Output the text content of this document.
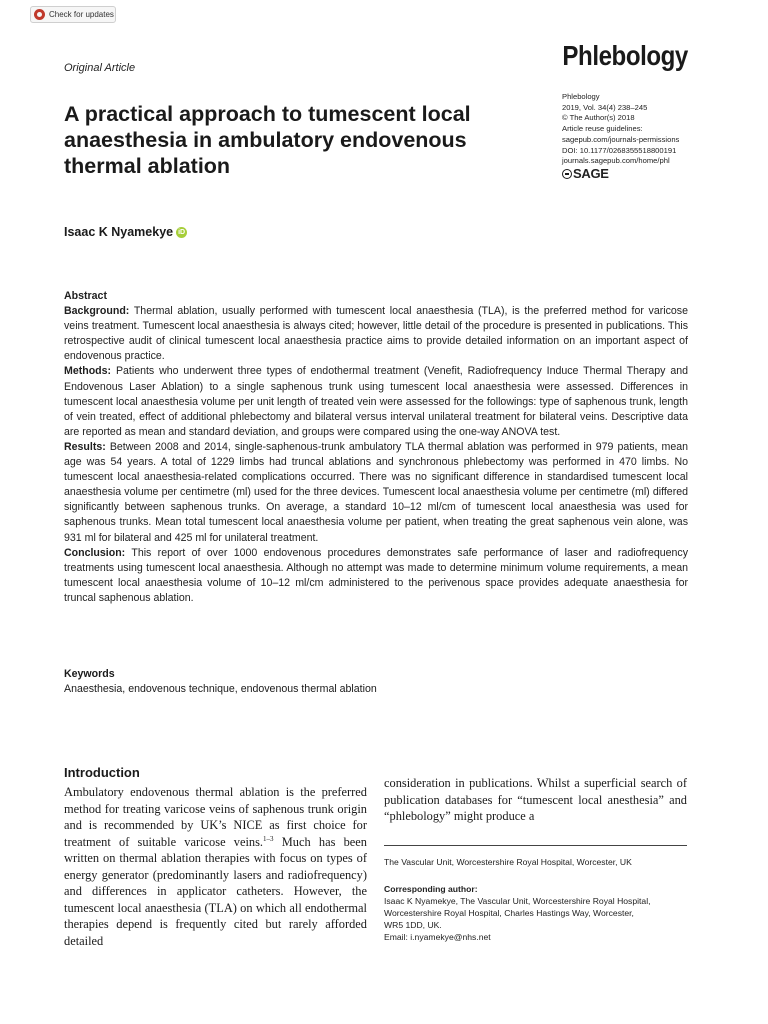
Check for updates
Original Article	Phlebology
A practical approach to tumescent local anaesthesia in ambulatory endovenous thermal ablation
Phlebology
2019, Vol. 34(4) 238–245
© The Author(s) 2018
Article reuse guidelines:
sagepub.com/journals-permissions
DOI: 10.1177/0268355518800191
journals.sagepub.com/home/phl
SAGE
Isaac K Nyamekye iD

Abstract

Background: Thermal ablation, usually performed with tumescent local anaesthesia (TLA), is the preferred method for varicose veins treatment. Tumescent local anaesthesia is always cited; however, little detail of the procedure is presented in publications. This retrospective audit of clinical tumescent local anaesthesia practice aims to provide detailed information on an important aspect of endovenous practice.

Methods: Patients who underwent three types of endothermal treatment (Venefit, Radiofrequency Induce Thermal Therapy and Endovenous Laser Ablation) to a single saphenous trunk using tumescent local anaesthesia were assessed. Differences in tumescent local anaesthesia volume per unit length of treated vein were assessed for the followings: type of saphenous trunk, length of vein treated, effect of additional phlebectomy and bilateral versus interval unilateral treatment for bilateral veins. Descriptive data are reported as mean and standard deviation, and groups were compared using the one-way ANOVA test.

Results: Between 2008 and 2014, single-saphenous-trunk ambulatory TLA thermal ablation was performed in 979 patients, mean age was 54 years. A total of 1229 limbs had truncal ablations and synchronous phlebectomy was performed in 470 limbs. No tumescent local anaesthesia-related complications occurred. There was no significant difference in standardised tumescent local anaesthesia volume per centimetre (ml) used for the three devices. Tumescent local anaesthesia volume per centimetre (ml) differed significantly between saphenous trunks. On average, a standard 10–12 ml/cm of tumescent local anaesthesia was used for saphenous trunks. Mean total tumescent local anaesthesia volume per patient, when treating the great saphenous vein alone, was 931 ml for bilateral and 425 ml for unilateral treatment.

Conclusion: This report of over 1000 endovenous procedures demonstrates safe performance of laser and radiofrequency treatments using tumescent local anaesthesia. Although no attempt was made to determine minimum volume requirements, a mean tumescent local anaesthesia volume of 10–12 ml/cm administered to the perivenous space provides adequate anaesthesia for truncal saphenous ablation.

Keywords
Anaesthesia, endovenous technique, endovenous thermal ablation
Introduction
Ambulatory endovenous thermal ablation is the preferred method for treating varicose veins of saphenous trunk origin and is recommended by UK’s NICE as first choice for treatment of suitable varicose veins.$^{1-3}$ Much has been written on thermal ablation therapies with focus on types of energy generator (predominantly lasers and radiofrequency) and differences in applicator catheters. However, the tumescent local anaesthesia (TLA) on which all endothermal therapies depend is frequently cited but rarely afforded detailed
consideration in publications. Whilst a superficial search of publication databases for “tumescent local anesthesia” and “phlebology” might produce a
The Vascular Unit, Worcestershire Royal Hospital, Worcester, UK
Corresponding author:
Isaac K Nyamekye, The Vascular Unit, Worcestershire Royal Hospital,
Worcestershire Royal Hospital, Charles Hastings Way, Worcester,
WR5 1DD, UK.
Email: i.nyamekye@nhs.net
